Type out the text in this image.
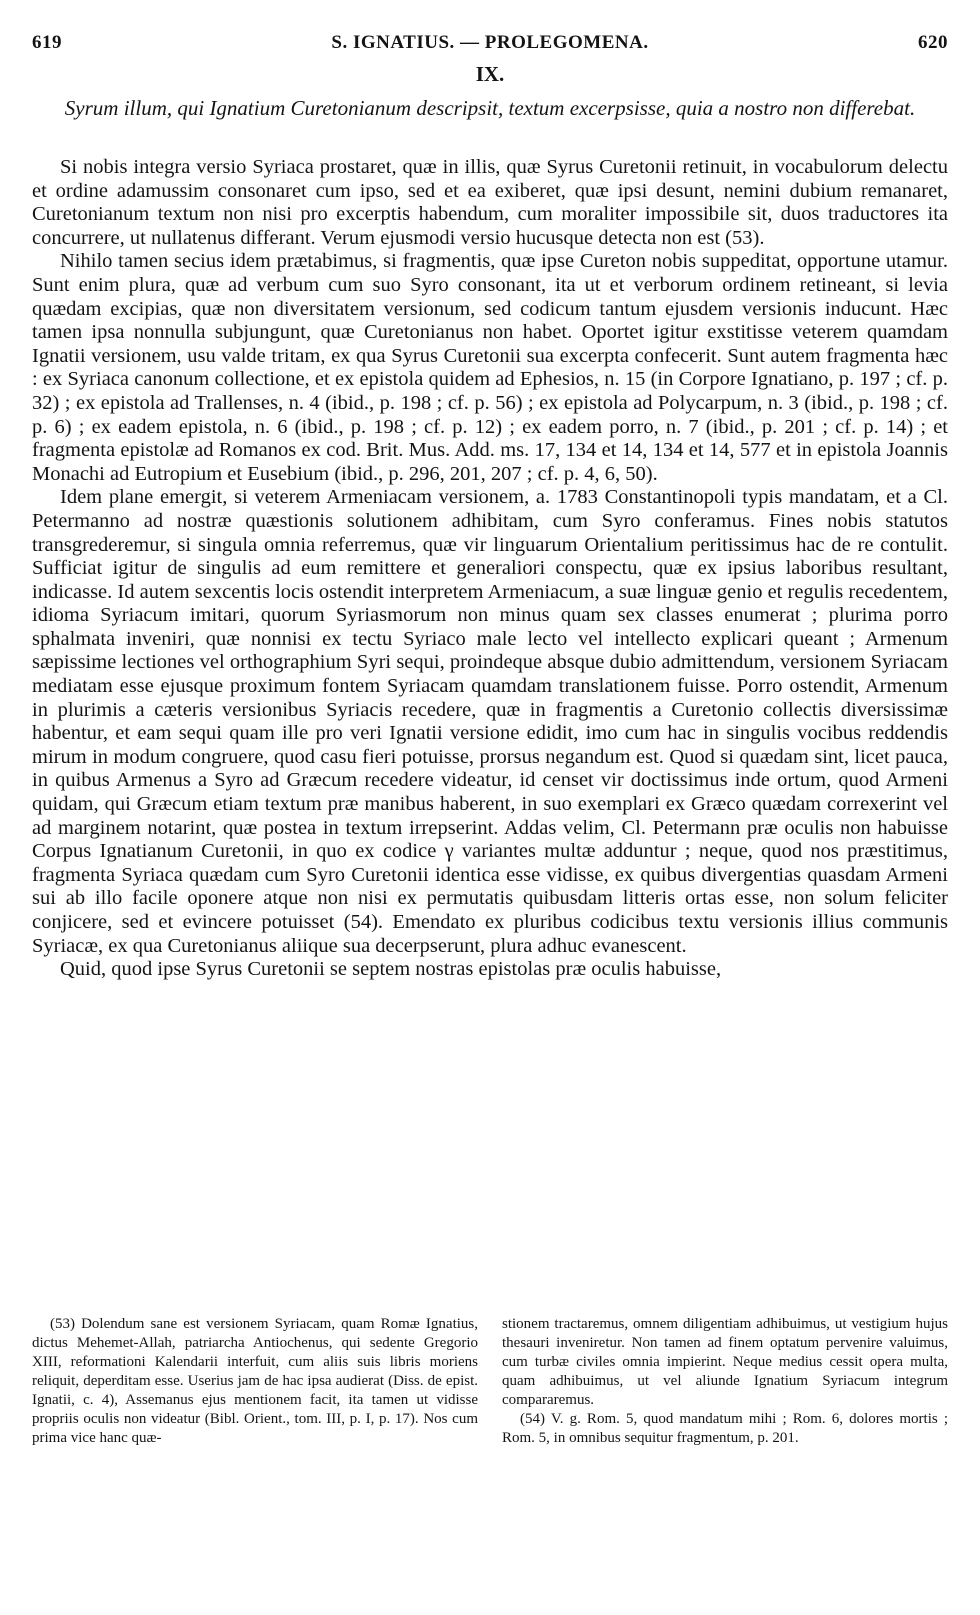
619	S. IGNATIUS. — PROLEGOMENA.	620
IX.
Syrum illum, qui Ignatium Curetonianum descripsit, textum excerpsisse, quia a nostro non differebat.

Si nobis integra versio Syriaca prostaret, quæ in illis, quæ Syrus Curetonii retinuit, in vocabulorum delectu et ordine adamussim consonaret cum ipso, sed et ea exiberet, quæ ipsi desunt, nemini dubium remanaret, Curetonianum textum non nisi pro excerptis habendum, cum moraliter impossibile sit, duos traductores ita concurrere, ut nullatenus differant. Verum ejusmodi versio hucusque detecta non est (53).

Nihilo tamen secius idem prætabimus, si fragmentis, quæ ipse Cureton nobis suppeditat, opportune utamur. Sunt enim plura, quæ ad verbum cum suo Syro consonant, ita ut et verborum ordinem retineant, si levia quædam excipias, quæ non diversitatem versionum, sed codicum tantum ejusdem versionis inducunt. Hæc tamen ipsa nonnulla subjungunt, quæ Curetonianus non habet. Oportet igitur exstitisse veterem quamdam Ignatii versionem, usu valde tritam, ex qua Syrus Curetonii sua excerpta confecerit. Sunt autem fragmenta hæc : ex Syriaca canonum collectione, et ex epistola quidem ad Ephesios, n. 15 (in Corpore Ignatiano, p. 197 ; cf. p. 32) ; ex epistola ad Trallenses, n. 4 (ibid., p. 198 ; cf. p. 56) ; ex epistola ad Polycarpum, n. 3 (ibid., p. 198 ; cf. p. 6) ; ex eadem epistola, n. 6 (ibid., p. 198 ; cf. p. 12) ; ex eadem porro, n. 7 (ibid., p. 201 ; cf. p. 14) ; et fragmenta epistolæ ad Romanos ex cod. Brit. Mus. Add. ms. 17, 134 et 14, 134 et 14, 577 et in epistola Joannis Monachi ad Eutropium et Eusebium (ibid., p. 296, 201, 207 ; cf. p. 4, 6, 50).

Idem plane emergit, si veterem Armeniacam versionem, a. 1783 Constantinopoli typis mandatam, et a Cl. Petermanno ad nostræ quæstionis solutionem adhibitam, cum Syro conferamus. Fines nobis statutos transgrederemur, si singula omnia referremus, quæ vir linguarum Orientalium peritissimus hac de re contulit. Sufficiat igitur de singulis ad eum remittere et generaliori conspectu, quæ ex ipsius laboribus resultant, indicasse. Id autem sexcentis locis ostendit interpretem Armeniacum, a suæ linguæ genio et regulis recedentem, idioma Syriacum imitari, quorum Syriasmorum non minus quam sex classes enumerat ; plurima porro sphalmata inveniri, quæ nonnisi ex tectu Syriaco male lecto vel intellecto explicari queant ; Armenum sæpissime lectiones vel orthographium Syri sequi, proindeque absque dubio admittendum, versionem Syriacam mediatam esse ejusque proximum fontem Syriacam quamdam translationem fuisse. Porro ostendit, Armenum in plurimis a cæteris versionibus Syriacis recedere, quæ in fragmentis a Curetonio collectis diversissimæ habentur, et eam sequi quam ille pro veri Ignatii versione edidit, imo cum hac in singulis vocibus reddendis mirum in modum congruere, quod casu fieri potuisse, prorsus negandum est. Quod si quædam sint, licet pauca, in quibus Armenus a Syro ad Græcum recedere videatur, id censet vir doctissimus inde ortum, quod Armeni quidam, qui Græcum etiam textum præ manibus haberent, in suo exemplari ex Græco quædam correxerint vel ad marginem notarint, quæ postea in textum irrepserint. Addas velim, Cl. Petermann præ oculis non habuisse Corpus Ignatianum Curetonii, in quo ex codice γ variantes multæ adduntur ; neque, quod nos præstitimus, fragmenta Syriaca quædam cum Syro Curetonii identica esse vidisse, ex quibus divergentias quasdam Armeni sui ab illo facile oponere atque non nisi ex permutatis quibusdam litteris ortas esse, non solum feliciter conjicere, sed et evincere potuisset (54). Emendato ex pluribus codicibus textu versionis illius communis Syriacæ, ex qua Curetonianus aliique sua decerpserunt, plura adhuc evanescent.

Quid, quod ipse Syrus Curetonii se septem nostras epistolas præ oculis habuisse,

(53) Dolendum sane est versionem Syriacam, quam Romæ Ignatius, dictus Mehemet-Allah, patriarcha Antiochenus, qui sedente Gregorio XIII, reformationi Kalendarii interfuit, cum aliis suis libris moriens reliquit, deperditam esse. Userius jam de hac ipsa audierat (Diss. de epist. Ignatii, c. 4), Assemanus ejus mentionem facit, ita tamen ut vidisse propriis oculis non videatur (Bibl. Orient., tom. III, p. I, p. 17). Nos cum prima vice hanc quæ-

stionem tractaremus, omnem diligentiam adhibuimus, ut vestigium hujus thesauri inveniretur. Non tamen ad finem optatum pervenire valuimus, cum turbæ civiles omnia impierint. Neque medius cessit opera multa, quam adhibuimus, ut vel aliunde Ignatium Syriacum integrum compararemus.

(54) V. g. Rom. 5, quod mandatum mihi ; Rom. 6, dolores mortis ; Rom. 5, in omnibus sequitur fragmentum, p. 201.
